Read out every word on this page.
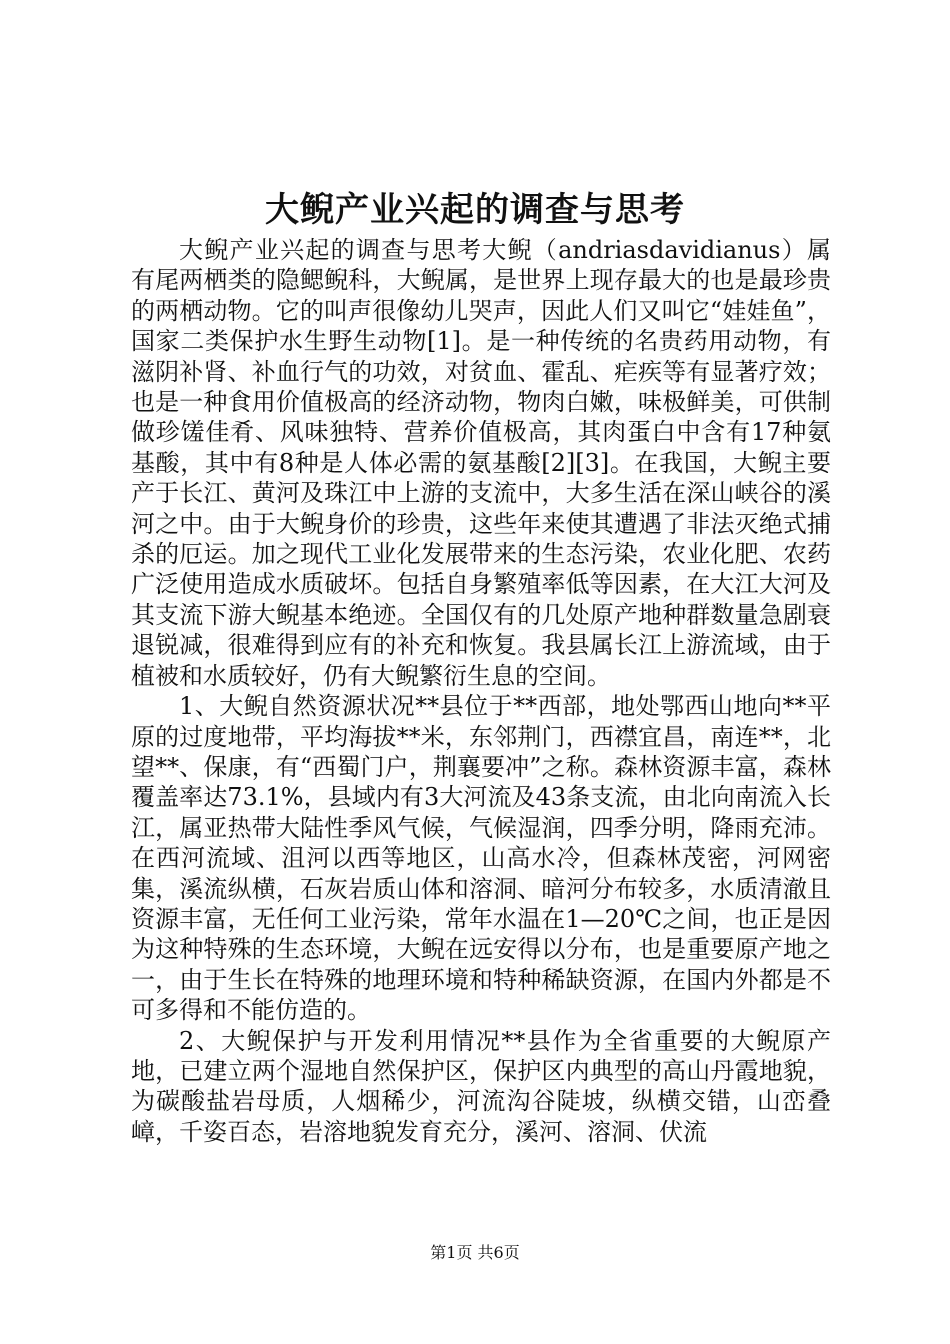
大鲵产业兴起的调查与思考

大鲵产业兴起的调查与思考大鲵（andriasdavidianus）属有尾两栖类的隐鳃鲵科，大鲵属，是世界上现存最大的也是最珍贵的两栖动物。它的叫声很像幼儿哭声，因此人们又叫它“娃娃鱼”，国家二类保护水生野生动物[1]。是一种传统的名贵药用动物，有滋阴补肾、补血行气的功效，对贫血、霍乱、疟疾等有显著疗效；也是一种食用价值极高的经济动物，物肉白嫩，味极鲜美，可供制做珍馐佳肴、风味独特、营养价值极高，其肉蛋白中含有17种氨基酸，其中有8种是人体必需的氨基酸[2][3]。在我国，大鲵主要产于长江、黄河及珠江中上游的支流中，大多生活在深山峡谷的溪河之中。由于大鲵身价的珍贵，这些年来使其遭遇了非法灭绝式捕杀的厄运。加之现代工业化发展带来的生态污染，农业化肥、农药广泛使用造成水质破坏。包括自身繁殖率低等因素，在大江大河及其支流下游大鲵基本绝迹。全国仅有的几处原产地种群数量急剧衰退锐减，很难得到应有的补充和恢复。我县属长江上游流域，由于植被和水质较好，仍有大鲵繁衍生息的空间。

1、大鲵自然资源状况**县位于**西部，地处鄂西山地向**平原的过度地带，平均海拔**米，东邻荆门，西襟宜昌，南连**，北望**、保康，有“西蜀门户，荆襄要冲”之称。森林资源丰富，森林覆盖率达73.1%，县域内有3大河流及43条支流，由北向南流入长江，属亚热带大陆性季风气候，气候湿润，四季分明，降雨充沛。在西河流域、沮河以西等地区，山高水冷，但森林茂密，河网密集，溪流纵横，石灰岩质山体和溶洞、暗河分布较多，水质清澈且资源丰富，无任何工业污染，常年水温在1—20℃之间，也正是因为这种特殊的生态环境，大鲵在远安得以分布，也是重要原产地之一，由于生长在特殊的地理环境和特种稀缺资源，在国内外都是不可多得和不能仿造的。

2、大鲵保护与开发利用情况**县作为全省重要的大鲵原产地，已建立两个湿地自然保护区，保护区内典型的高山丹霞地貌，为碳酸盐岩母质，人烟稀少，河流沟谷陡坡，纵横交错，山峦叠嶂，千姿百态，岩溶地貌发育充分，溪河、溶洞、伏流

第1页 共6页
